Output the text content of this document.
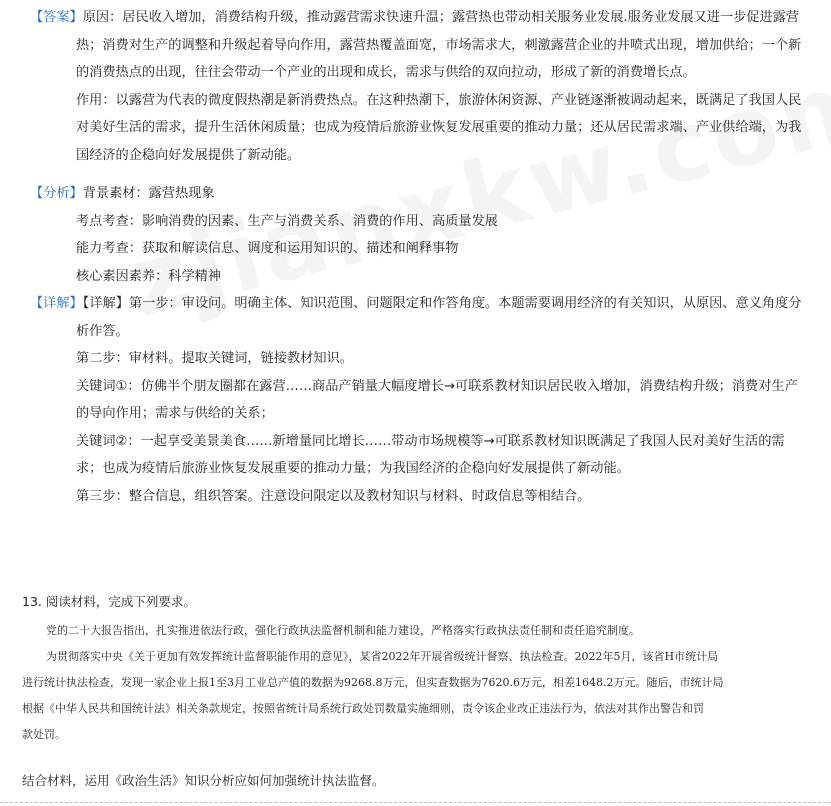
【答案】原因：居民收入增加，消费结构升级，推动露营需求快速升温；露营热也带动相关服务业发展.服务业发展又进一步促进露营

热；消费对生产的调整和升级起着导向作用，露营热覆盖面宽，市场需求大，刺激露营企业的井喷式出现，增加供给；一个新

的消费热点的出现，往往会带动一个产业的出现和成长，需求与供给的双向拉动，形成了新的消费增长点。

作用：以露营为代表的微度假热潮是新消费热点。在这种热潮下，旅游休闲资源、产业链逐渐被调动起来，既满足了我国人民

对美好生活的需求，提升生活休闲质量；也成为疫情后旅游业恢复发展重要的推动力量；还从居民需求端、产业供给端，为我

国经济的企稳向好发展提供了新动能。

【分析】背景素材：露营热现象

考点考查：影响消费的因素、生产与消费关系、消费的作用、高质量发展

能力考查：获取和解读信息、调度和运用知识的、描述和阐释事物

核心素因素养：科学精神

【详解】【详解】第一步：审设问。明确主体、知识范围、问题限定和作答角度。本题需要调用经济的有关知识，从原因、意义角度分

析作答。

第二步：审材料。提取关键词，链接教材知识。

关键词①：仿佛半个朋友圈都在露营……商品产销量大幅度增长→可联系教材知识居民收入增加，消费结构升级；消费对生产

的导向作用；需求与供给的关系；

关键词②：一起享受美景美食……新增量同比增长……带动市场规模等→可联系教材知识既满足了我国人民对美好生活的需

求；也成为疫情后旅游业恢复发展重要的推动力量；为我国经济的企稳向好发展提供了新动能。

第三步：整合信息，组织答案。注意设问限定以及教材知识与材料、时政信息等相结合。

13. 阅读材料，完成下列要求。

党的二十大报告指出，扎实推进依法行政，强化行政执法监督机制和能力建设，严格落实行政执法责任制和责任追究制度。

为贯彻落实中央《关于更加有效发挥统计监督职能作用的意见》，某省2022年开展省级统计督察、执法检查。2022年5月，该省H市统计局

进行统计执法检查，发现一家企业上报1至3月工业总产值的数据为9268.8万元，但实查数据为7620.6万元，相差1648.2万元。随后，市统计局

根据《中华人民共和国统计法》相关条款规定，按照省统计局系统行政处罚数量实施细则，责令该企业改正违法行为，依法对其作出警告和罚

款处罚。

结合材料，运用《政治生活》知识分析应如何加强统计执法监督。
